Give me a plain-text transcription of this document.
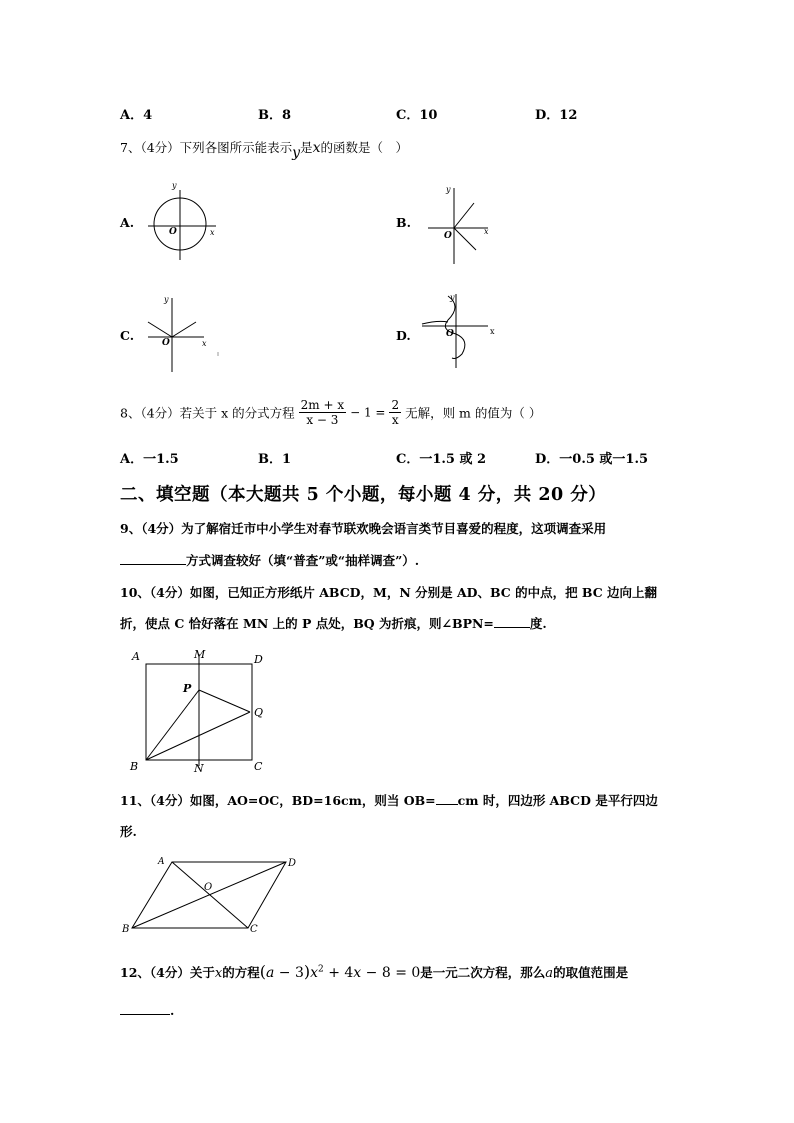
A．4	B．8	C．10	D．12
7、（4分）下列各图所示能表示y是x的函数是（　）
A.	B.
C.	D.
y
x
O
y
x
O
y
x
O
y
x
O
8、（4分）若关于 x 的分式方程 $\frac{2m + x}{x - 3} - 1 = \frac{2}{x}$ 无解，则 m 的值为（ ）
A．一1.5	B．1	C．一1.5 或 2	D．一0.5 或一1.5
二、填空题（本大题共 5 个小题，每小题 4 分，共 20 分）
9、（4分）为了解宿迁市中小学生对春节联欢晚会语言类节目喜爱的程度，这项调查采用
方式调查较好（填“普查”或“抽样调查”）.
10、（4分）如图，已知正方形纸片 ABCD，M，N 分别是 AD、BC 的中点，把 BC 边向上翻
折，使点 C 恰好落在 MN 上的 P 点处，BQ 为折痕，则∠BPN=	度.
A	M	D
P
Q
B	N	C
11、（4分）如图，AO=OC，BD=16cm，则当 OB= cm 时，四边形 ABCD 是平行四边
形.
A	D
O
B	C
12、（4分）关于x的方程$(a - 3)x^2 + 4x - 8 = 0$是一元二次方程，那么a的取值范围是
.
